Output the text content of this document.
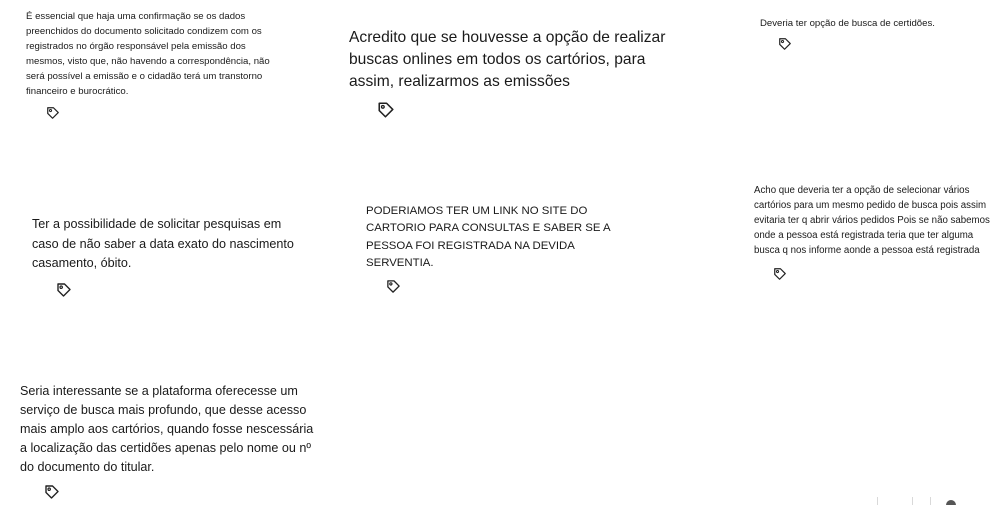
É essencial que haja uma confirmação se os dados preenchidos do documento solicitado condizem com os registrados no órgão responsável pela emissão dos mesmos, visto que, não havendo a correspondência, não será possível a emissão e o cidadão terá um transtorno financeiro e burocrático.

Acredito que se houvesse a opção de realizar buscas onlines em todos os cartórios, para assim, realizarmos as emissões

Deveria ter opção de busca de certidões.

Ter a possibilidade de solicitar pesquisas em
caso de não saber a data exato do nascimento
casamento, óbito.

PODERIAMOS TER UM LINK NO SITE DO CARTORIO PARA CONSULTAS E SABER SE A PESSOA FOI REGISTRADA NA DEVIDA SERVENTIA.

Acho que deveria ter a opção de selecionar vários cartórios para um mesmo pedido de busca pois assim evitaria ter q abrir vários pedidos Pois se não sabemos onde a pessoa está registrada teria que ter alguma busca q nos informe aonde a pessoa está registrada

Seria interessante se a plataforma oferecesse um serviço de busca mais profundo, que desse acesso mais amplo aos cartórios, quando fosse nescessária a localização das certidões apenas pelo nome ou nº do documento do titular.
